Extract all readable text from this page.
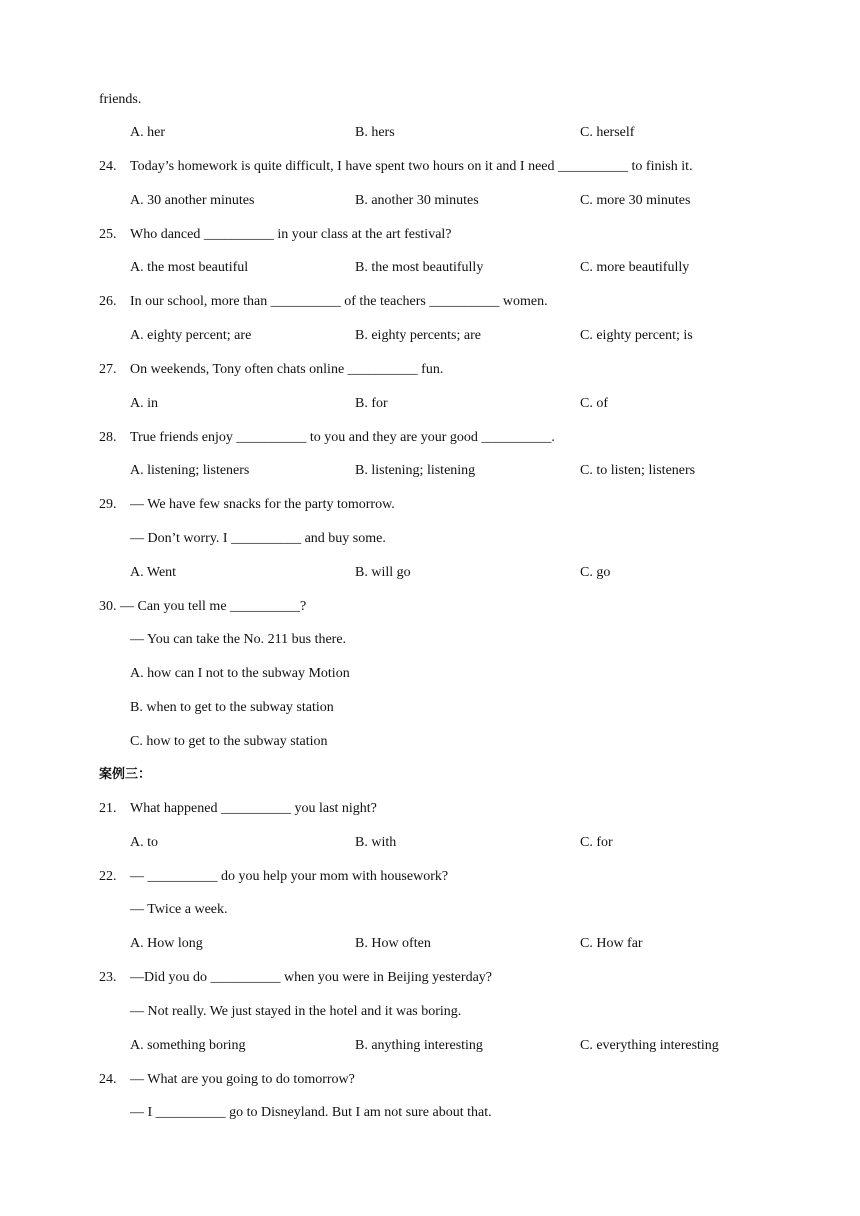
friends.
A. her	B. hers	C. herself
24. Today’s homework is quite difficult, I have spent two hours on it and I need __________ to finish it.
A. 30 another minutes	B. another 30 minutes	C. more 30 minutes
25. Who danced __________ in your class at the art festival?
A. the most beautiful	B. the most beautifully	C. more beautifully
26. In our school, more than __________ of the teachers __________ women.
A. eighty percent; are	B. eighty percents; are	C. eighty percent; is
27. On weekends, Tony often chats online __________ fun.
A. in	B. for	C. of
28. True friends enjoy __________ to you and they are your good __________.
A. listening; listeners	B. listening; listening	C. to listen; listeners
29. — We have few snacks for the party tomorrow.
— Don’t worry. I __________ and buy some.
A. Went	B. will go	C. go
30. — Can you tell me __________?
— You can take the No. 211 bus there.
A. how can I not to the subway Motion
B. when to get to the subway station
C. how to get to the subway station
案例三：
21. What happened __________ you last night?
A. to	B. with	C. for
22. — __________ do you help your mom with housework?
— Twice a week.
A. How long	B. How often	C. How far
23. —Did you do __________ when you were in Beijing yesterday?
— Not really. We just stayed in the hotel and it was boring.
A. something boring	B. anything interesting	C. everything interesting
24. — What are you going to do tomorrow?
— I __________ go to Disneyland. But I am not sure about that.
